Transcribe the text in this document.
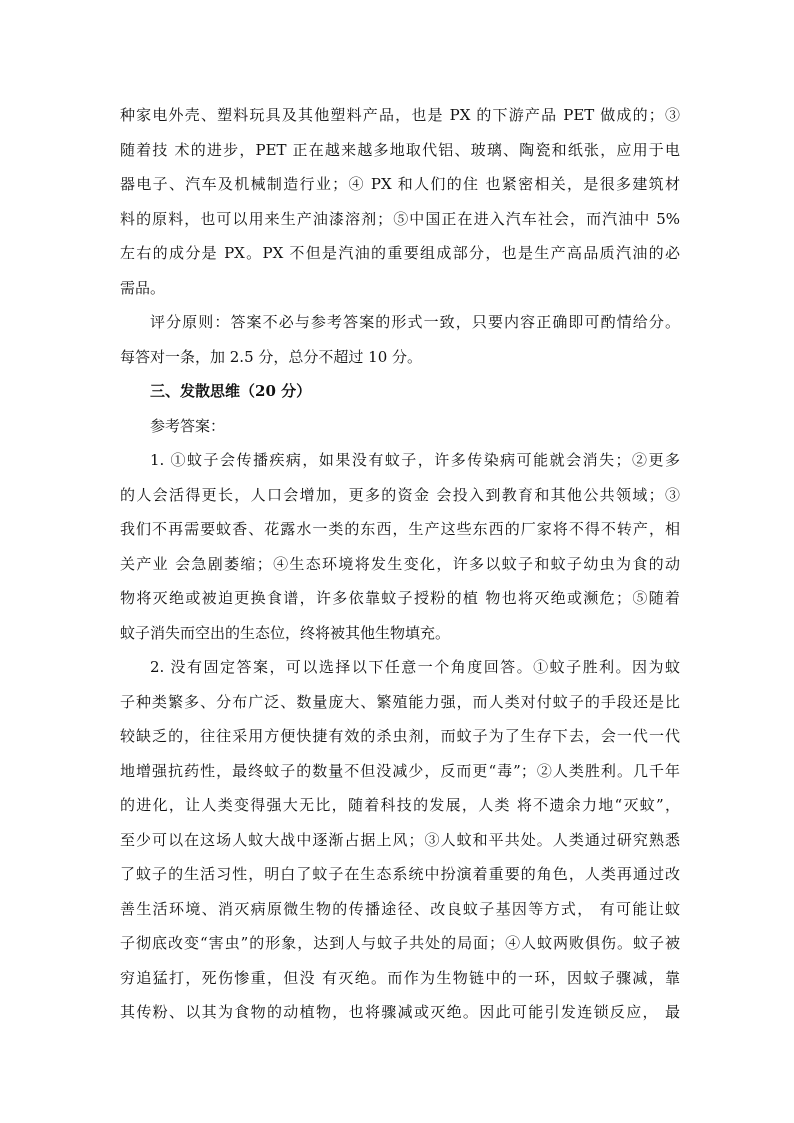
种家电外壳、塑料玩具及其他塑料产品，也是 PX 的下游产品 PET 做成的；③
随着技 术的进步，PET 正在越来越多地取代铝、玻璃、陶瓷和纸张，应用于电
器电子、汽车及机械制造行业；④ PX 和人们的住 也紧密相关，是很多建筑材
料的原料，也可以用来生产油漆溶剂；⑤中国正在进入汽车社会，而汽油中 5%
左右的成分是 PX。PX 不但是汽油的重要组成部分，也是生产高品质汽油的必
需品。
评分原则：答案不必与参考答案的形式一致，只要内容正确即可酌情给分。
每答对一条，加 2.5 分，总分不超过 10 分。
三、发散思维（20 分）
参考答案：
1. ①蚊子会传播疾病，如果没有蚊子，许多传染病可能就会消失；②更多
的人会活得更长，人口会增加，更多的资金 会投入到教育和其他公共领域；③
我们不再需要蚊香、花露水一类的东西，生产这些东西的厂家将不得不转产，相
关产业 会急剧萎缩；④生态环境将发生变化，许多以蚊子和蚊子幼虫为食的动
物将灭绝或被迫更换食谱，许多依靠蚊子授粉的植 物也将灭绝或濒危；⑤随着
蚊子消失而空出的生态位，终将被其他生物填充。
2. 没有固定答案，可以选择以下任意一个角度回答。①蚊子胜利。因为蚊
子种类繁多、分布广泛、数量庞大、繁殖能力强，而人类对付蚊子的手段还是比
较缺乏的，往往采用方便快捷有效的杀虫剂，而蚊子为了生存下去，会一代一代
地增强抗药性，最终蚊子的数量不但没减少，反而更“毒”；②人类胜利。几千年
的进化，让人类变得强大无比，随着科技的发展，人类 将不遗余力地“灭蚊”，
至少可以在这场人蚊大战中逐渐占据上风；③人蚊和平共处。人类通过研究熟悉
了蚊子的生活习性，明白了蚊子在生态系统中扮演着重要的角色，人类再通过改
善生活环境、消灭病原微生物的传播途径、改良蚊子基因等方式， 有可能让蚊
子彻底改变“害虫”的形象，达到人与蚊子共处的局面；④人蚊两败俱伤。蚊子被
穷追猛打，死伤惨重，但没 有灭绝。而作为生物链中的一环，因蚊子骤减，靠
其传粉、以其为食物的动植物，也将骤减或灭绝。因此可能引发连锁反应， 最
